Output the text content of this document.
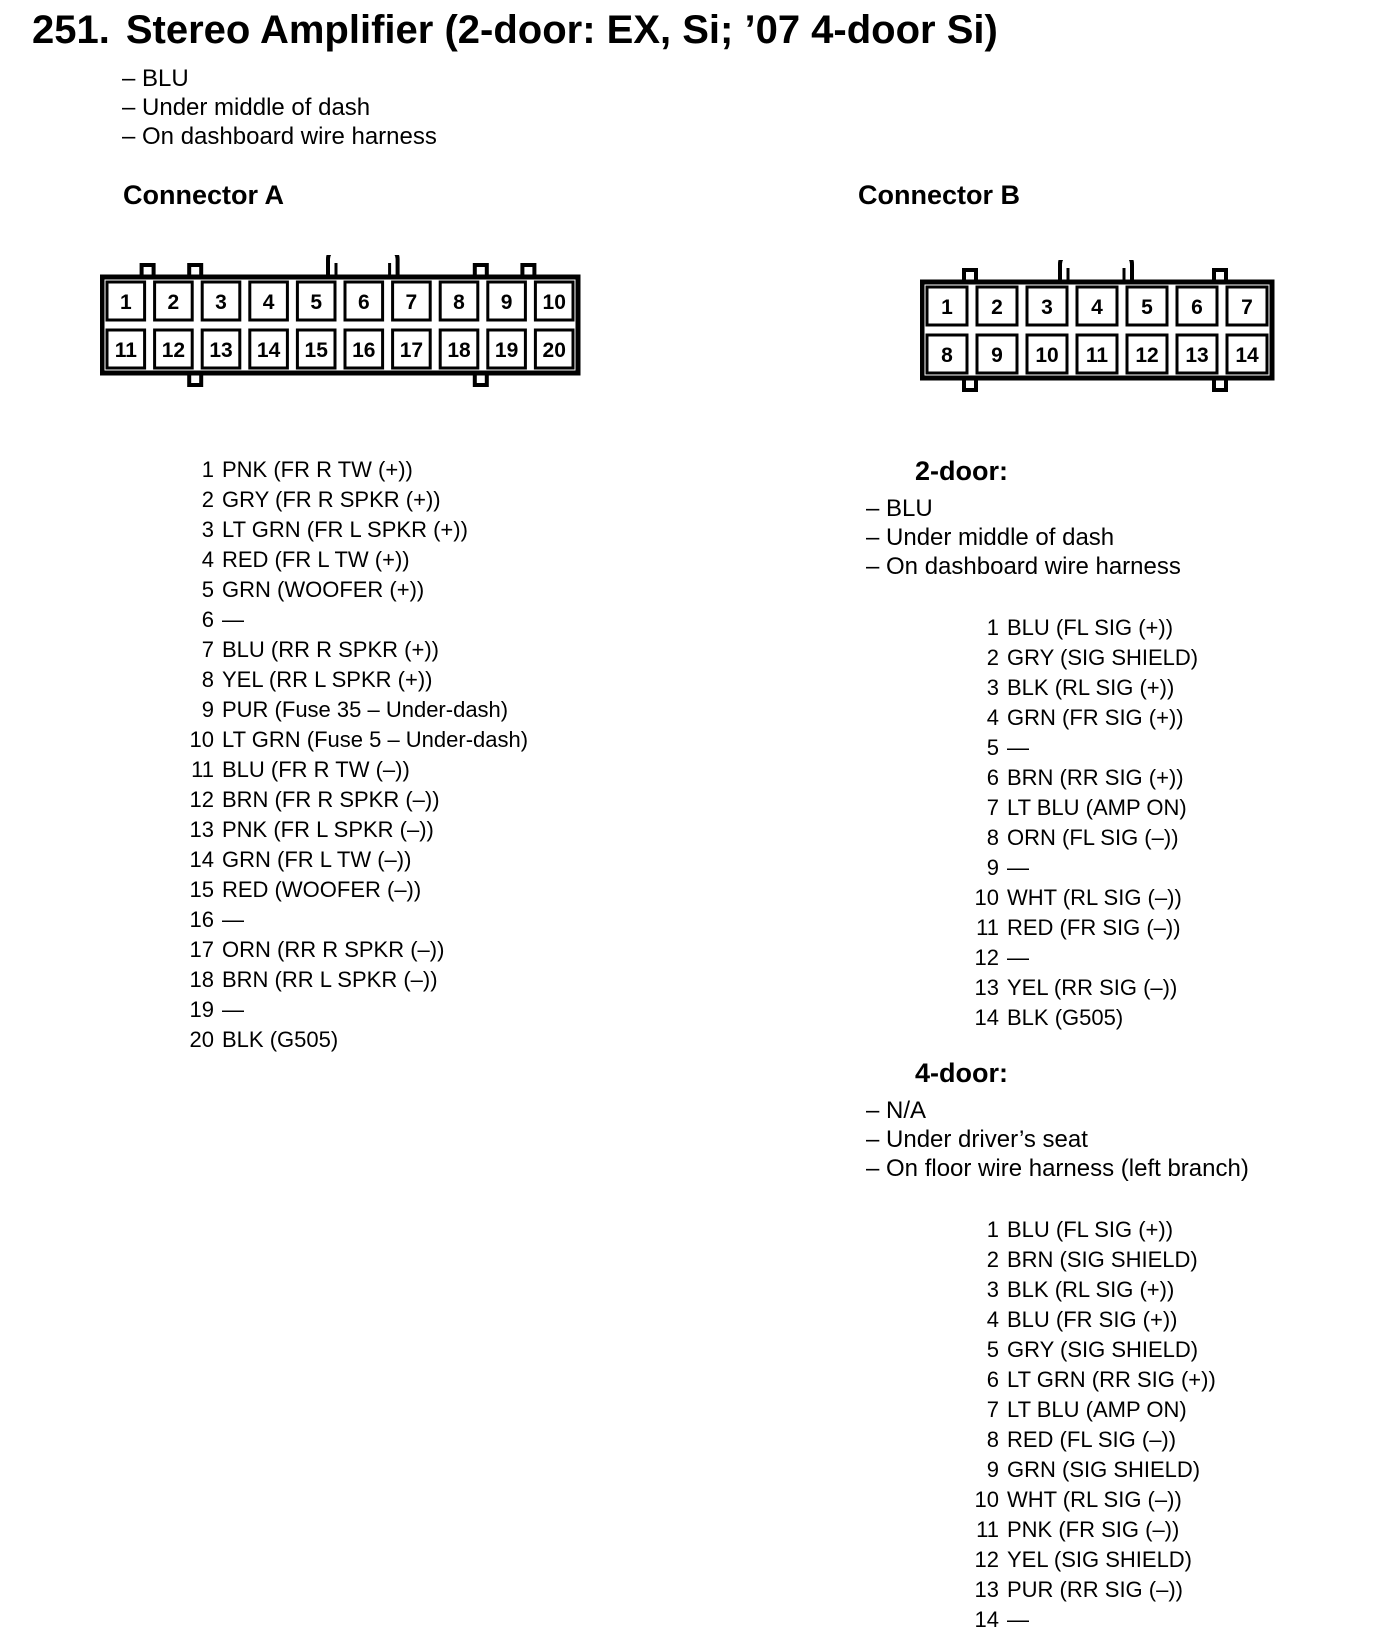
251. Stereo Amplifier (2-door: EX, Si; ’07 4-door Si)
– BLU
– Under middle of dash
– On dashboard wire harness
Connector A	Connector B
1 2 3 4 5 6 7 8 9 10
11 12 13 14 15 16 17 18 19 20
1 2 3 4 5 6 7
8 9 10 11 12 13 14
1 PNK (FR R TW (+))
2 GRY (FR R SPKR (+))
3 LT GRN (FR L SPKR (+))
4 RED (FR L TW (+))
5 GRN (WOOFER (+))
6 —
7 BLU (RR R SPKR (+))
8 YEL (RR L SPKR (+))
9 PUR (Fuse 35 – Under-dash)
10 LT GRN (Fuse 5 – Under-dash)
11 BLU (FR R TW (–))
12 BRN (FR R SPKR (–))
13 PNK (FR L SPKR (–))
14 GRN (FR L TW (–))
15 RED (WOOFER (–))
16 —
17 ORN (RR R SPKR (–))
18 BRN (RR L SPKR (–))
19 —
20 BLK (G505)
2-door:
– BLU
– Under middle of dash
– On dashboard wire harness
1 BLU (FL SIG (+))
2 GRY (SIG SHIELD)
3 BLK (RL SIG (+))
4 GRN (FR SIG (+))
5 —
6 BRN (RR SIG (+))
7 LT BLU (AMP ON)
8 ORN (FL SIG (–))
9 —
10 WHT (RL SIG (–))
11 RED (FR SIG (–))
12 —
13 YEL (RR SIG (–))
14 BLK (G505)
4-door:
– N/A
– Under driver’s seat
– On floor wire harness (left branch)
1 BLU (FL SIG (+))
2 BRN (SIG SHIELD)
3 BLK (RL SIG (+))
4 BLU (FR SIG (+))
5 GRY (SIG SHIELD)
6 LT GRN (RR SIG (+))
7 LT BLU (AMP ON)
8 RED (FL SIG (–))
9 GRN (SIG SHIELD)
10 WHT (RL SIG (–))
11 PNK (FR SIG (–))
12 YEL (SIG SHIELD)
13 PUR (RR SIG (–))
14 —
